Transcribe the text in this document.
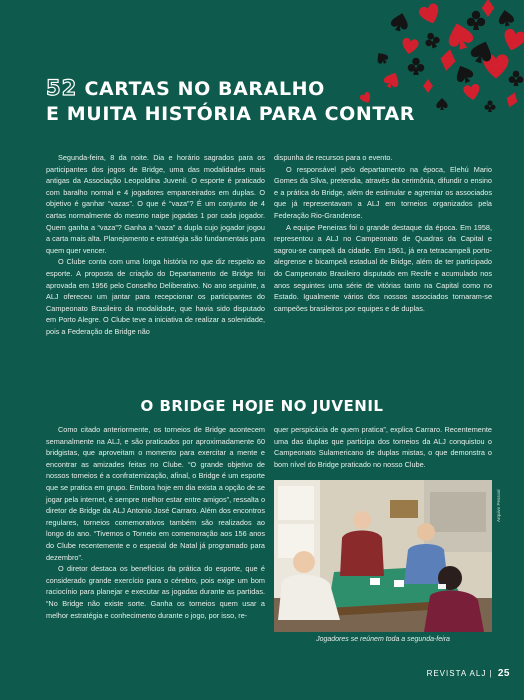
52 CARTAS NO BARALHO
E MUITA HISTÓRIA PARA CONTAR

Segunda-feira, 8 da noite. Dia e horário sagrados para os participantes dos jogos de Bridge, uma das modalidades mais antigas da Associação Leopoldina Juvenil. O esporte é praticado com baralho normal e 4 jogadores emparceirados em duplas. O objetivo é ganhar “vazas”. O que é “vaza”? É um conjunto de 4 cartas normalmente do mesmo naipe jogadas 1 por cada jogador. Quem ganha a “vaza”? Ganha a “vaza” a dupla cujo jogador jogou a carta mais alta. Planejamento e estratégia são fundamentais para quem quer vencer.

O Clube conta com uma longa história no que diz respeito ao esporte. A proposta de criação do Departamento de Bridge foi aprovada em 1956 pelo Conselho Deliberativo. No ano seguinte, a ALJ ofereceu um jantar para recepcionar os participantes do Campeonato Brasileiro da modalidade, que havia sido disputado em Porto Alegre. O Clube teve a iniciativa de realizar a solenidade, pois a Federação de Bridge não

dispunha de recursos para o evento.

O responsável pelo departamento na época, Elehú Mario Gomes da Silva, pretendia, através da cerimônia, difundir o ensino e a prática do Bridge, além de estimular e agremiar os associados que já representavam a ALJ em torneios organizados pela Federação Rio-Grandense.

A equipe Peneiras foi o grande destaque da época. Em 1958, representou a ALJ no Campeonato de Quadras da Capital e sagrou-se campeã da cidade. Em 1961, já era tetracampeã porto-alegrense e bicampeã estadual de Bridge, além de ter participado do Campeonato Brasileiro disputado em Recife e acumulado nos anos seguintes uma série de vitórias tanto na Capital como no Estado. Igualmente vários dos nossos associados tornaram-se campeões brasileiros por equipes e de duplas.

O BRIDGE HOJE NO JUVENIL

Como citado anteriormente, os torneios de Bridge acontecem semanalmente na ALJ, e são praticados por aproximadamente 60 bridgistas, que aproveitam o momento para exercitar a mente e encontrar as amizades feitas no Clube. “O grande objetivo de nossos torneios é a confraternização, afinal, o Bridge é um esporte que se pratica em grupo. Embora hoje em dia exista a opção de se jogar pela internet, é sempre melhor estar entre amigos”, ressalta o diretor de Bridge da ALJ Antonio José Carraro. Além dos encontros regulares, torneios comemorativos também são realizados ao longo do ano. “Tivemos o Torneio em comemoração aos 156 anos do Clube recentemente e o especial de Natal já programado para dezembro”.

O diretor destaca os benefícios da prática do esporte, que é considerado grande exercício para o cérebro, pois exige um bom raciocínio para planejar e executar as jogadas durante as partidas. “No Bridge não existe sorte. Ganha os torneios quem usar a melhor estratégia e conhecimento durante o jogo, por isso, re-

quer perspicácia de quem pratica”, explica Carraro. Recentemente uma das duplas que participa dos torneios da ALJ conquistou o Campeonato Sulamericano de duplas mistas, o que demonstra o bom nível do Bridge praticado no nosso Clube.

Arquivo Pessoal
Jogadores se reúnem toda a segunda-feira
REVISTA ALJ | 25
